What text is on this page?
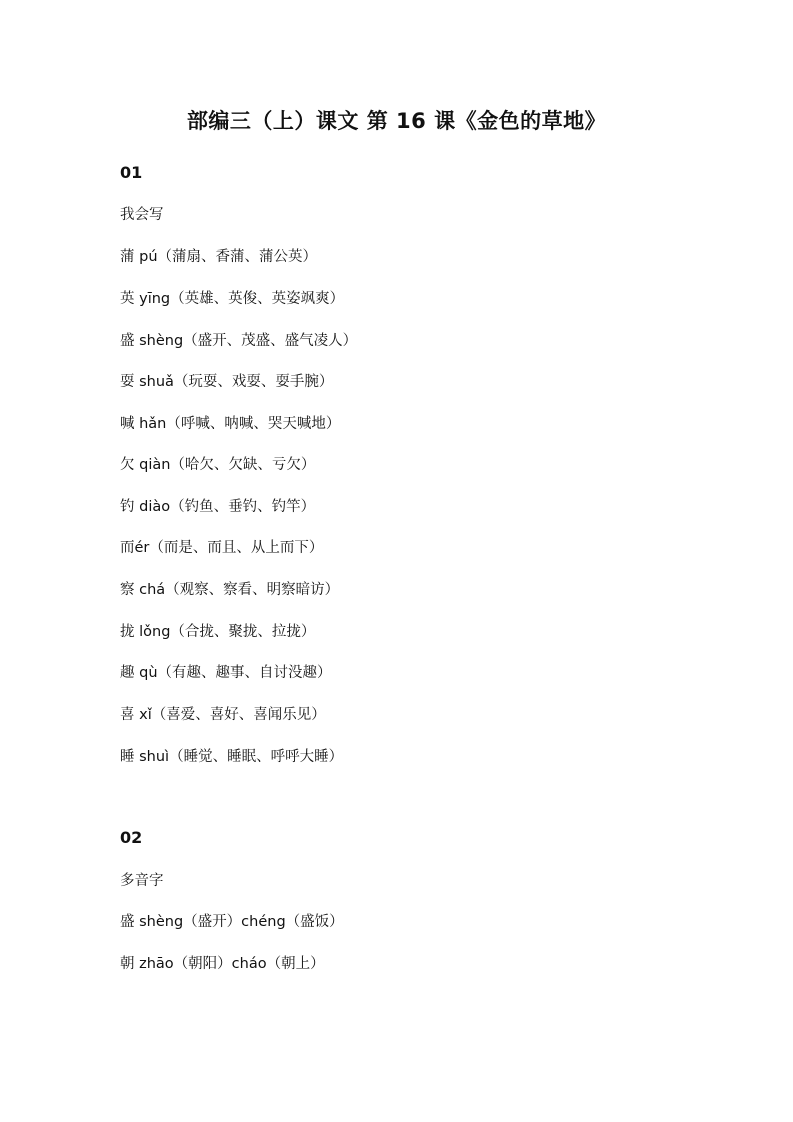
部编三（上）课文 第 16 课《金色的草地》
01
我会写
蒲 pú（蒲扇、香蒲、蒲公英）
英 yīng（英雄、英俊、英姿飒爽）
盛 shèng（盛开、茂盛、盛气凌人）
耍 shuǎ（玩耍、戏耍、耍手腕）
喊 hǎn（呼喊、呐喊、哭天喊地）
欠 qiàn（哈欠、欠缺、亏欠）
钓 diào（钓鱼、垂钓、钓竿）
而ér（而是、而且、从上而下）
察 chá（观察、察看、明察暗访）
拢 lǒng（合拢、聚拢、拉拢）
趣 qù（有趣、趣事、自讨没趣）
喜 xǐ（喜爱、喜好、喜闻乐见）
睡 shuì（睡觉、睡眠、呼呼大睡）
02
多音字
盛 shèng（盛开）chéng（盛饭）
朝 zhāo（朝阳）cháo（朝上）
